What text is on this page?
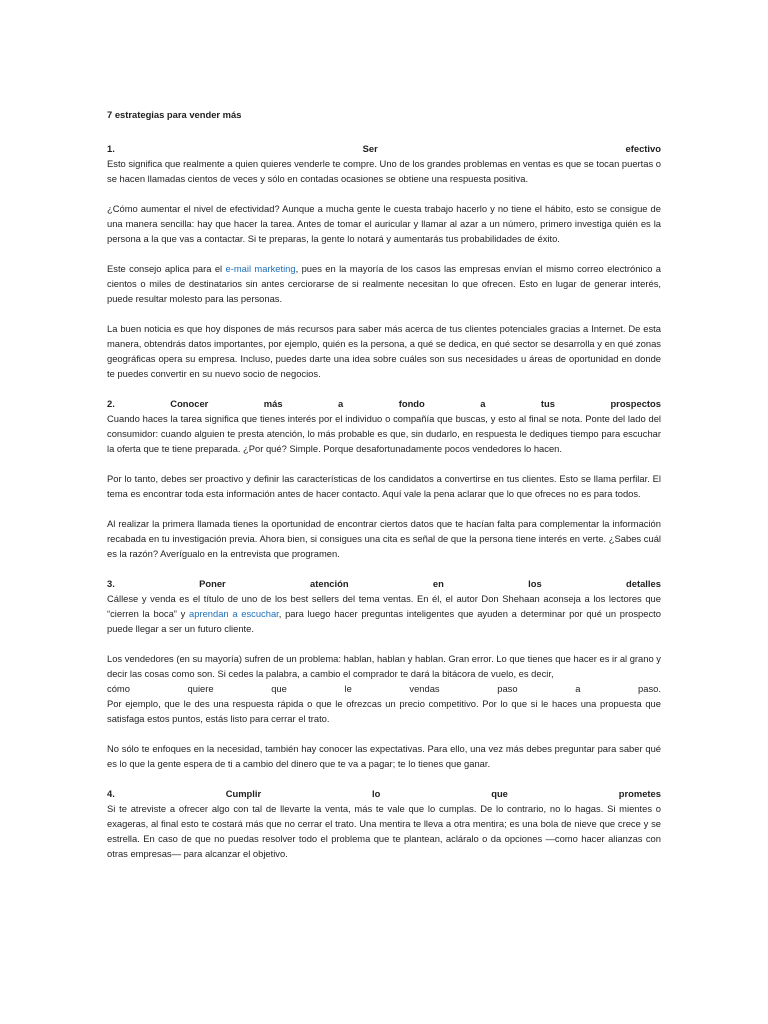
7 estrategias para vender más
1.	Ser	efectivo
Esto significa que realmente a quien quieres venderle te compre. Uno de los grandes problemas en ventas es que se tocan puertas o se hacen llamadas cientos de veces y sólo en contadas ocasiones se obtiene una respuesta positiva.
¿Cómo aumentar el nivel de efectividad? Aunque a mucha gente le cuesta trabajo hacerlo y no tiene el hábito, esto se consigue de una manera sencilla: hay que hacer la tarea. Antes de tomar el auricular y llamar al azar a un número, primero investiga quién es la persona a la que vas a contactar. Si te preparas, la gente lo notará y aumentarás tus probabilidades de éxito.
Este consejo aplica para el e-mail marketing, pues en la mayoría de los casos las empresas envían el mismo correo electrónico a cientos o miles de destinatarios sin antes cerciorarse de si realmente necesitan lo que ofrecen. Esto en lugar de generar interés, puede resultar molesto para las personas.
La buen noticia es que hoy dispones de más recursos para saber más acerca de tus clientes potenciales gracias a Internet. De esta manera, obtendrás datos importantes, por ejemplo, quién es la persona, a qué se dedica, en qué sector se desarrolla y en qué zonas geográficas opera su empresa. Incluso, puedes darte una idea sobre cuáles son sus necesidades u áreas de oportunidad en donde te puedes convertir en su nuevo socio de negocios.
2.	Conocer	más	a	fondo	a	tus	prospectos
Cuando haces la tarea significa que tienes interés por el individuo o compañía que buscas, y esto al final se nota. Ponte del lado del consumidor: cuando alguien te presta atención, lo más probable es que, sin dudarlo, en respuesta le dediques tiempo para escuchar la oferta que te tiene preparada. ¿Por qué? Simple. Porque desafortunadamente pocos vendedores lo hacen.
Por lo tanto, debes ser proactivo y definir las características de los candidatos a convertirse en tus clientes. Esto se llama perfilar. El tema es encontrar toda esta información antes de hacer contacto. Aquí vale la pena aclarar que lo que ofreces no es para todos.
Al realizar la primera llamada tienes la oportunidad de encontrar ciertos datos que te hacían falta para complementar la información recabada en tu investigación previa. Ahora bien, si consigues una cita es señal de que la persona tiene interés en verte. ¿Sabes cuál es la razón? Averígualo en la entrevista que programen.
3.	Poner	atención	en	los	detalles
Cállese y venda es el título de uno de los best sellers del tema ventas. En él, el autor Don Shehaan aconseja a los lectores que “cierren la boca” y aprendan a escuchar, para luego hacer preguntas inteligentes que ayuden a determinar por qué un prospecto puede llegar a ser un futuro cliente.
Los vendedores (en su mayoría) sufren de un problema: hablan, hablan y hablan. Gran error. Lo que tienes que hacer es ir al grano y decir las cosas como son. Si cedes la palabra, a cambio el comprador te dará la bitácora de vuelo, es decir,
cómo	quiere	que	le	vendas	paso	a	paso.
Por ejemplo, que le des una respuesta rápida o que le ofrezcas un precio competitivo. Por lo que si le haces una propuesta que satisfaga estos puntos, estás listo para cerrar el trato.
No sólo te enfoques en la necesidad, también hay conocer las expectativas. Para ello, una vez más debes preguntar para saber qué es lo que la gente espera de ti a cambio del dinero que te va a pagar; te lo tienes que ganar.
4.	Cumplir	lo	que	prometes
Si te atreviste a ofrecer algo con tal de llevarte la venta, más te vale que lo cumplas. De lo contrario, no lo hagas. Si mientes o exageras, al final esto te costará más que no cerrar el trato. Una mentira te lleva a otra mentira; es una bola de nieve que crece y se estrella. En caso de que no puedas resolver todo el problema que te plantean, acláralo o da opciones —como hacer alianzas con otras empresas— para alcanzar el objetivo.
